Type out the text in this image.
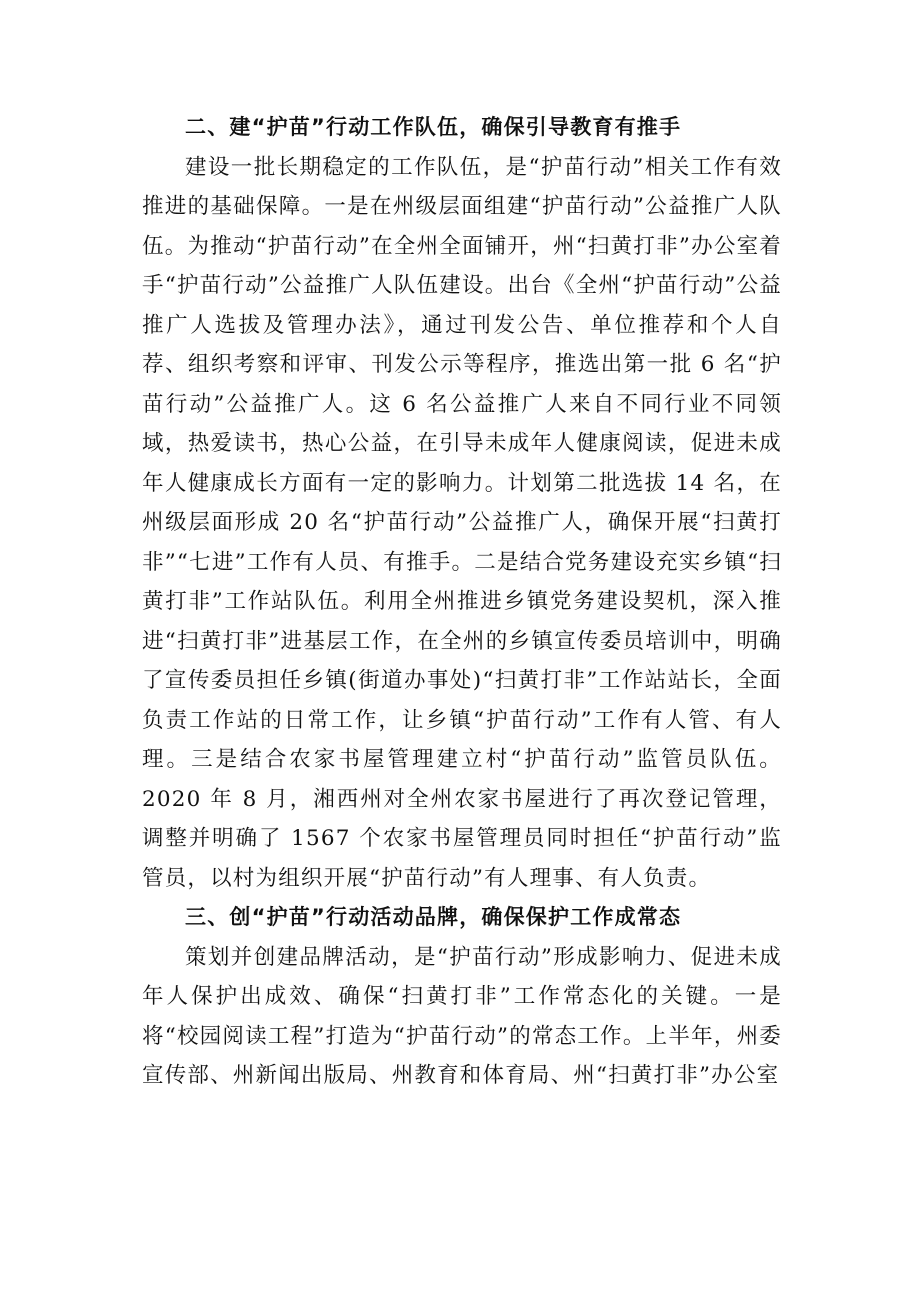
二、建“护苗”行动工作队伍，确保引导教育有推手

建设一批长期稳定的工作队伍，是“护苗行动”相关工作有效推进的基础保障。一是在州级层面组建“护苗行动”公益推广人队伍。为推动“护苗行动”在全州全面铺开，州“扫黄打非”办公室着手“护苗行动”公益推广人队伍建设。出台《全州“护苗行动”公益推广人选拔及管理办法》，通过刊发公告、单位推荐和个人自荐、组织考察和评审、刊发公示等程序，推选出第一批 6 名“护苗行动”公益推广人。这 6 名公益推广人来自不同行业不同领域，热爱读书，热心公益，在引导未成年人健康阅读，促进未成年人健康成长方面有一定的影响力。计划第二批选拔 14 名，在州级层面形成 20 名“护苗行动”公益推广人，确保开展“扫黄打非”“七进”工作有人员、有推手。二是结合党务建设充实乡镇“扫黄打非”工作站队伍。利用全州推进乡镇党务建设契机，深入推进“扫黄打非”进基层工作，在全州的乡镇宣传委员培训中，明确了宣传委员担任乡镇(街道办事处)“扫黄打非”工作站站长，全面负责工作站的日常工作，让乡镇“护苗行动”工作有人管、有人理。三是结合农家书屋管理建立村“护苗行动”监管员队伍。2020 年 8 月，湘西州对全州农家书屋进行了再次登记管理，调整并明确了 1567 个农家书屋管理员同时担任“护苗行动”监管员，以村为组织开展“护苗行动”有人理事、有人负责。

三、创“护苗”行动活动品牌，确保保护工作成常态

策划并创建品牌活动，是“护苗行动”形成影响力、促进未成年人保护出成效、确保“扫黄打非”工作常态化的关键。一是将“校园阅读工程”打造为“护苗行动”的常态工作。上半年，州委宣传部、州新闻出版局、州教育和体育局、州“扫黄打非”办公室
